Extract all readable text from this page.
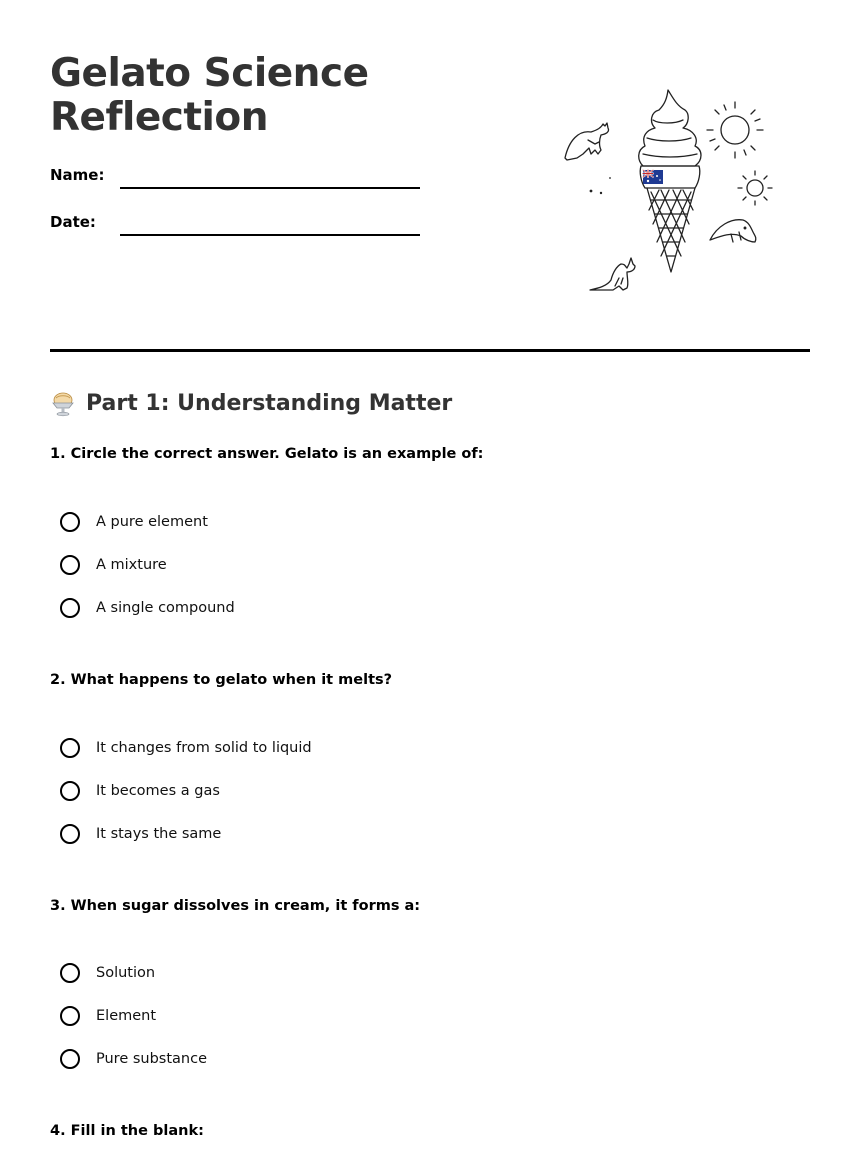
Gelato Science
Reflection
Name:
Date:
Part 1: Understanding Matter
1. Circle the correct answer. Gelato is an example of:
A pure element
A mixture
A single compound
2. What happens to gelato when it melts?
It changes from solid to liquid
It becomes a gas
It stays the same
3. When sugar dissolves in cream, it forms a:
Solution
Element
Pure substance
4. Fill in the blank:
